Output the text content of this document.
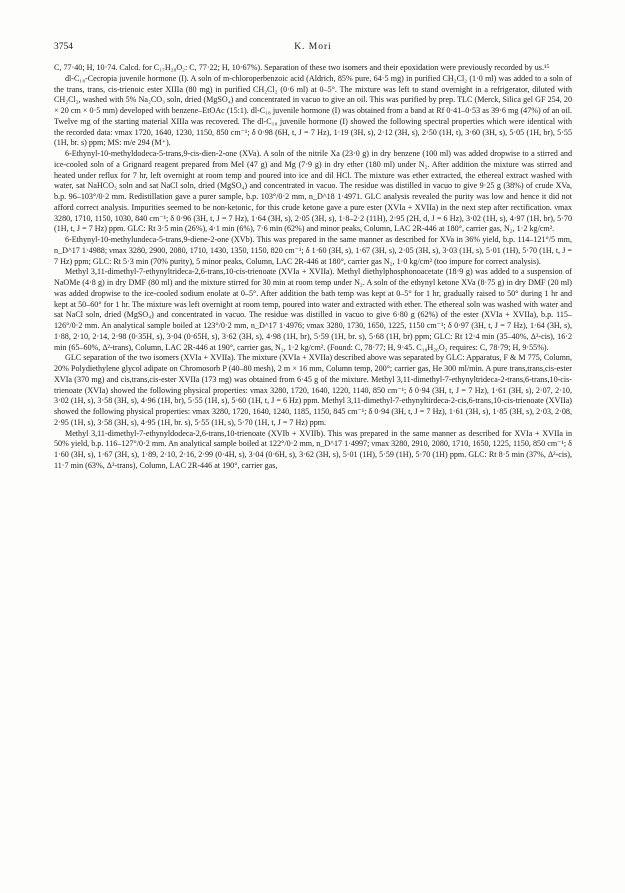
3754	K. Mori

C, 77·40; H, 10·74. Calcd. for C₁₇H₂₈O₂: C, 77·22; H, 10·67%). Separation of these two isomers and their epoxidation were previously recorded by us.¹⁵

dl-C₁₈-Cecropia juvenile hormone (I). A soln of m-chloroperbenzoic acid (Aldrich, 85% pure, 64·5 mg) in purified CH₂Cl₂ (1·0 ml) was added to a soln of the trans, trans, cis-trienoic ester XIIIa (80 mg) in purified CH₂Cl₂ (0·6 ml) at 0–5°. The mixture was left to stand overnight in a refrigerator, diluted with CH₂Cl₂, washed with 5% Na₂CO₃ soln, dried (MgSO₄) and concentrated in vacuo to give an oil. This was purified by prep. TLC (Merck, Silica gel GF 254, 20 × 20 cm × 0·5 mm) developed with benzene–EtOAc (15:1). dl-C₁₈ juvenile hormone (I) was obtained from a band at Rf 0·41–0·53 as 39·6 mg (47%) of an oil. Twelve mg of the starting material XIIIa was recovered. The dl-C₁₈ juvenile hormone (I) showed the following spectral properties which were identical with the recorded data: νmax 1720, 1640, 1230, 1150, 850 cm⁻¹; δ 0·98 (6H, t, J = 7 Hz), 1·19 (3H, s), 2·12 (3H, s), 2·50 (1H, t), 3·60 (3H, s), 5·05 (1H, br), 5·55 (1H, br. s) ppm; MS: m/e 294 (M⁺).

6-Ethynyl-10-methyldodeca-5-trans,9-cis-dien-2-one (XVa). A soln of the nitrile Xa (23·0 g) in dry benzene (100 ml) was added dropwise to a stirred and ice-cooled soln of a Grignard reagent prepared from MeI (47 g) and Mg (7·9 g) in dry ether (180 ml) under N₂. After addition the mixture was stirred and heated under reflux for 7 hr, left overnight at room temp and poured into ice and dil HCl. The mixture was ether extracted, the ethereal extract washed with water, sat NaHCO₃ soln and sat NaCl soln, dried (MgSO₄) and concentrated in vacuo. The residue was distilled in vacuo to give 9·25 g (38%) of crude XVa, b.p. 96–103°/0·2 mm. Redistillation gave a purer sample, b.p. 103°/0·2 mm, n_D^18 1·4971. GLC analysis revealed the purity was low and hence it did not afford correct analysis. Impurities seemed to be non-ketonic, for this crude ketone gave a pure ester (XVIa + XVIIa) in the next step after rectification. νmax 3280, 1710, 1150, 1030, 840 cm⁻¹; δ 0·96 (3H, t, J = 7 Hz), 1·64 (3H, s), 2·05 (3H, s), 1·8–2·2 (11H), 2·95 (2H, d, J = 6 Hz), 3·02 (1H, s), 4·97 (1H, br), 5·70 (1H, t, J = 7 Hz) ppm. GLC: Rt 3·5 min (26%), 4·1 min (6%), 7·6 min (62%) and minor peaks, Column, LAC 2R-446 at 180°, carrier gas, N₂, 1·2 kg/cm².

6-Ethynyl-10-methylundeca-5-trans,9-diene-2-one (XVb). This was prepared in the same manner as described for XVa in 36% yield, b.p. 114–121°/5 mm, n_D^17 1·4988; νmax 3280, 2900, 2080, 1710, 1430, 1350, 1150, 820 cm⁻¹; δ 1·60 (3H, s), 1·67 (3H, s), 2·05 (3H, s), 3·03 (1H, s), 5·01 (1H), 5·70 (1H, t, J = 7 Hz) ppm; GLC: Rt 5·3 min (70% purity), 5 minor peaks, Column, LAC 2R-446 at 180°, carrier gas N₂, 1·0 kg/cm² (too impure for correct analysis).

Methyl 3,11-dimethyl-7-ethynyltrideca-2,6-trans,10-cis-trienoate (XVIa + XVIIa). Methyl diethylphosphonoacetate (18·9 g) was added to a suspension of NaOMe (4·8 g) in dry DMF (80 ml) and the mixture stirred for 30 min at room temp under N₂. A soln of the ethynyl ketone XVa (8·75 g) in dry DMF (20 ml) was added dropwise to the ice-cooled sodium enolate at 0–5°. After addition the bath temp was kept at 0–5° for 1 hr, gradually raised to 50° during 1 hr and kept at 50–60° for 1 hr. The mixture was left overnight at room temp, poured into water and extracted with ether. The ethereal soln was washed with water and sat NaCl soln, dried (MgSO₄) and concentrated in vacuo. The residue was distilled in vacuo to give 6·80 g (62%) of the ester (XVIa + XVIIa), b.p. 115–126°/0·2 mm. An analytical sample boiled at 123°/0·2 mm, n_D^17 1·4976; νmax 3280, 1730, 1650, 1225, 1150 cm⁻¹; δ 0·97 (3H, t, J = 7 Hz), 1·64 (3H, s), 1·88, 2·10, 2·14, 2·98 (0·35H, s), 3·04 (0·65H, s), 3·62 (3H, s), 4·98 (1H, br), 5·59 (1H, br. s), 5·68 (1H, br) ppm; GLC: Rt 12·4 min (35–40%, Δ²-cis), 16·2 min (65–60%, Δ²-trans), Column, LAC 2R-446 at 190°, carrier gas, N₂, 1·2 kg/cm². (Found: C, 78·77; H, 9·45. C₁₈H₂₆O₂ requires: C, 78·79; H, 9·55%).

GLC separation of the two isomers (XVIa + XVIIa). The mixture (XVIa + XVIIa) described above was separated by GLC: Apparatus, F & M 775, Column, 20% Polydiethylene glycol adipate on Chromosorb P (40–80 mesh), 2 m × 16 mm, Column temp, 200°; carrier gas, He 300 ml/min. A pure trans,trans,cis-ester XVIa (370 mg) and cis,trans,cis-ester XVIIa (173 mg) was obtained from 6·45 g of the mixture. Methyl 3,11-dimethyl-7-ethynyltrideca-2-trans,6-trans,10-cis-trienoate (XVIa) showed the following physical properties: νmax 3280, 1720, 1640, 1220, 1140, 850 cm⁻¹; δ 0·94 (3H, t, J = 7 Hz), 1·61 (3H, s), 2·07, 2·10, 3·02 (1H, s), 3·58 (3H, s), 4·96 (1H, br), 5·55 (1H, s), 5·60 (1H, t, J = 6 Hz) ppm. Methyl 3,11-dimethyl-7-ethynyltirdeca-2-cis,6-trans,10-cis-trienoate (XVIIa) showed the following physical properties: νmax 3280, 1720, 1640, 1240, 1185, 1150, 845 cm⁻¹; δ 0·94 (3H, t, J = 7 Hz), 1·61 (3H, s), 1·85 (3H, s), 2·03, 2·08, 2·95 (1H, s), 3·58 (3H, s), 4·95 (1H, br. s), 5·55 (1H, s), 5·70 (1H, t, J = 7 Hz) ppm.

Methyl 3,11-dimethyl-7-ethynyldodeca-2,6-trans,10-trienoate (XVIb + XVIIb). This was prepared in the same manner as described for XVIa + XVIIa in 50% yield, b.p. 116–127°/0·2 mm. An analytical sample boiled at 122°/0·2 mm, n_D^17 1·4997; νmax 3280, 2910, 2080, 1710, 1650, 1225, 1150, 850 cm⁻¹; δ 1·60 (3H, s), 1·67 (3H, s), 1·89, 2·10, 2·16, 2·99 (0·4H, s), 3·04 (0·6H, s), 3·62 (3H, s), 5·01 (1H), 5·59 (1H), 5·70 (1H) ppm. GLC: Rt 8·5 min (37%, Δ²-cis), 11·7 min (63%, Δ²-trans), Column, LAC 2R-446 at 190°, carrier gas,
